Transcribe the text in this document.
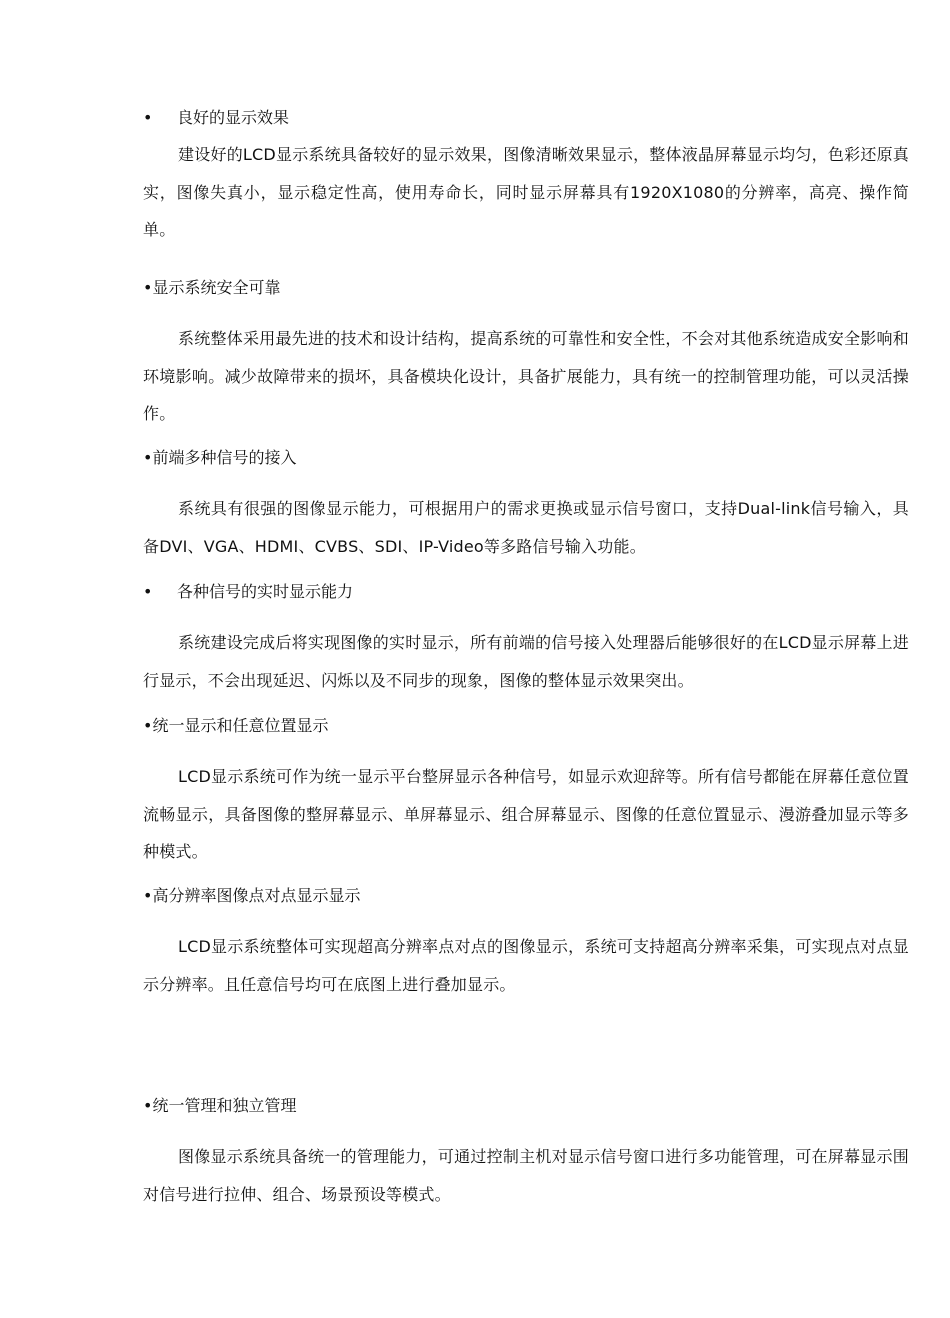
•	良好的显示效果

建设好的LCD显示系统具备较好的显示效果，图像清晰效果显示，整体液晶屏幕显示均匀，色彩还原真实，图像失真小，显示稳定性高，使用寿命长，同时显示屏幕具有1920X1080的分辨率，高亮、操作简单。

• 显示系统安全可靠

系统整体采用最先进的技术和设计结构，提高系统的可靠性和安全性，不会对其他系统造成安全影响和环境影响。减少故障带来的损坏，具备模块化设计，具备扩展能力，具有统一的控制管理功能，可以灵活操作。

• 前端多种信号的接入

系统具有很强的图像显示能力，可根据用户的需求更换或显示信号窗口，支持Dual-link信号输入，具备DVI、VGA、HDMI、CVBS、SDI、IP-Video等多路信号输入功能。

•	各种信号的实时显示能力

系统建设完成后将实现图像的实时显示，所有前端的信号接入处理器后能够很好的在LCD显示屏幕上进行显示，不会出现延迟、闪烁以及不同步的现象，图像的整体显示效果突出。

• 统一显示和任意位置显示

LCD显示系统可作为统一显示平台整屏显示各种信号，如显示欢迎辞等。所有信号都能在屏幕任意位置流畅显示，具备图像的整屏幕显示、单屏幕显示、组合屏幕显示、图像的任意位置显示、漫游叠加显示等多种模式。

• 高分辨率图像点对点显示显示

LCD显示系统整体可实现超高分辨率点对点的图像显示，系统可支持超高分辨率采集，可实现点对点显示分辨率。且任意信号均可在底图上进行叠加显示。

• 统一管理和独立管理

图像显示系统具备统一的管理能力，可通过控制主机对显示信号窗口进行多功能管理，可在屏幕显示围对信号进行拉伸、组合、场景预设等模式。
